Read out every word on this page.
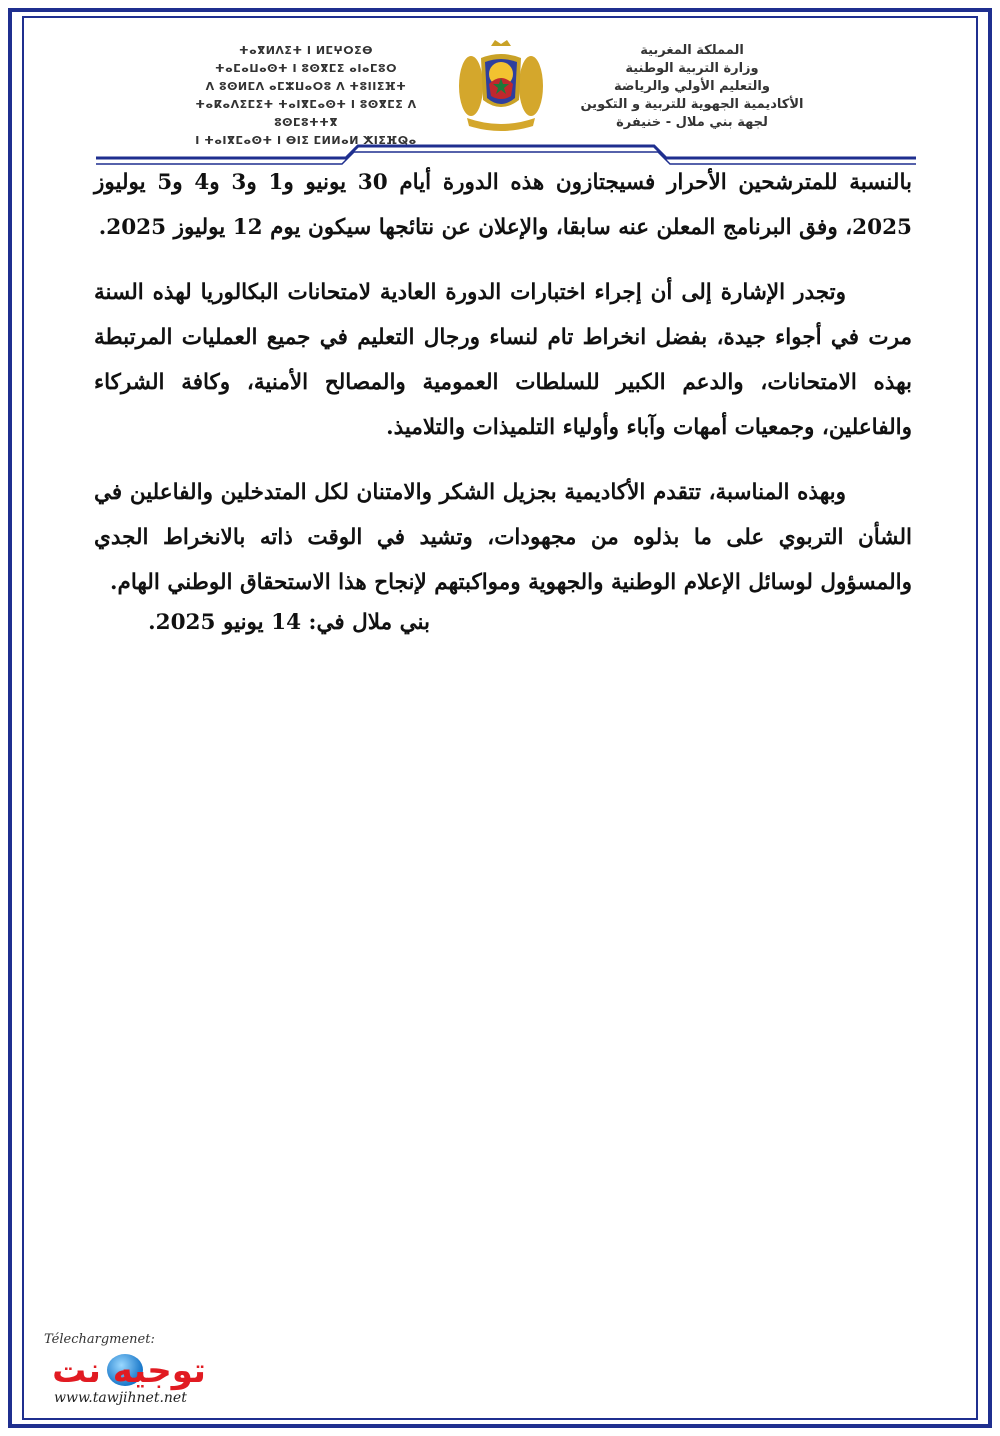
المملكة المغربية
وزارة التربية الوطنية
والتعليم الأولي والرياضة
الأكاديمية الجهوية للتربية و التكوين
لجهة بني ملال - خنيفرة
ⵜⴰⴳⵍⴷⵉⵜ ⵏ ⵍⵎⵖⵔⵉⴱ
ⵜⴰⵎⴰⵡⴰⵙⵜ ⵏ ⵓⵙⴳⵎⵉ ⴰⵏⴰⵎⵓⵔ
ⴷ ⵓⵙⵍⵎⴷ ⴰⵎⵣⵡⴰⵔⵓ ⴷ ⵜⵓⵏⵏⵉⴼⵜ
ⵜⴰⴽⴰⴷⵉⵎⵉⵜ ⵜⴰⵏⴳⵎⴰⵙⵜ ⵏ ⵓⵙⴳⵎⵉ ⴷ ⵓⵙⵎⵓⵜⵜⴳ
ⵏ ⵜⴰⵏⴳⵎⴰⵙⵜ ⵏ ⴱⵏⵉ ⵎⵍⵍⴰⵍ ⵅⵏⵉⴼⵕⴰ

بالنسبة للمترشحين الأحرار فسيجتازون هذه الدورة أيام 30 يونيو و1 و3 و4 و5 يوليوز 2025، وفق البرنامج المعلن عنه سابقا، والإعلان عن نتائجها سيكون يوم 12 يوليوز 2025.

وتجدر الإشارة إلى أن إجراء اختبارات الدورة العادية لامتحانات البكالوريا لهذه السنة مرت في أجواء جيدة، بفضل انخراط تام لنساء ورجال التعليم في جميع العمليات المرتبطة بهذه الامتحانات، والدعم الكبير للسلطات العمومية والمصالح الأمنية، وكافة الشركاء والفاعلين، وجمعيات أمهات وآباء وأولياء التلميذات والتلاميذ.

وبهذه المناسبة، تتقدم الأكاديمية بجزيل الشكر والامتنان لكل المتدخلين والفاعلين في الشأن التربوي على ما بذلوه من مجهودات، وتشيد في الوقت ذاته بالانخراط الجدي والمسؤول لوسائل الإعلام الوطنية والجهوية ومواكبتهم لإنجاح هذا الاستحقاق الوطني الهام.

بني ملال في: 14 يونيو 2025.
Télechargmenet:
توجيه نت
www.tawjihnet.net
